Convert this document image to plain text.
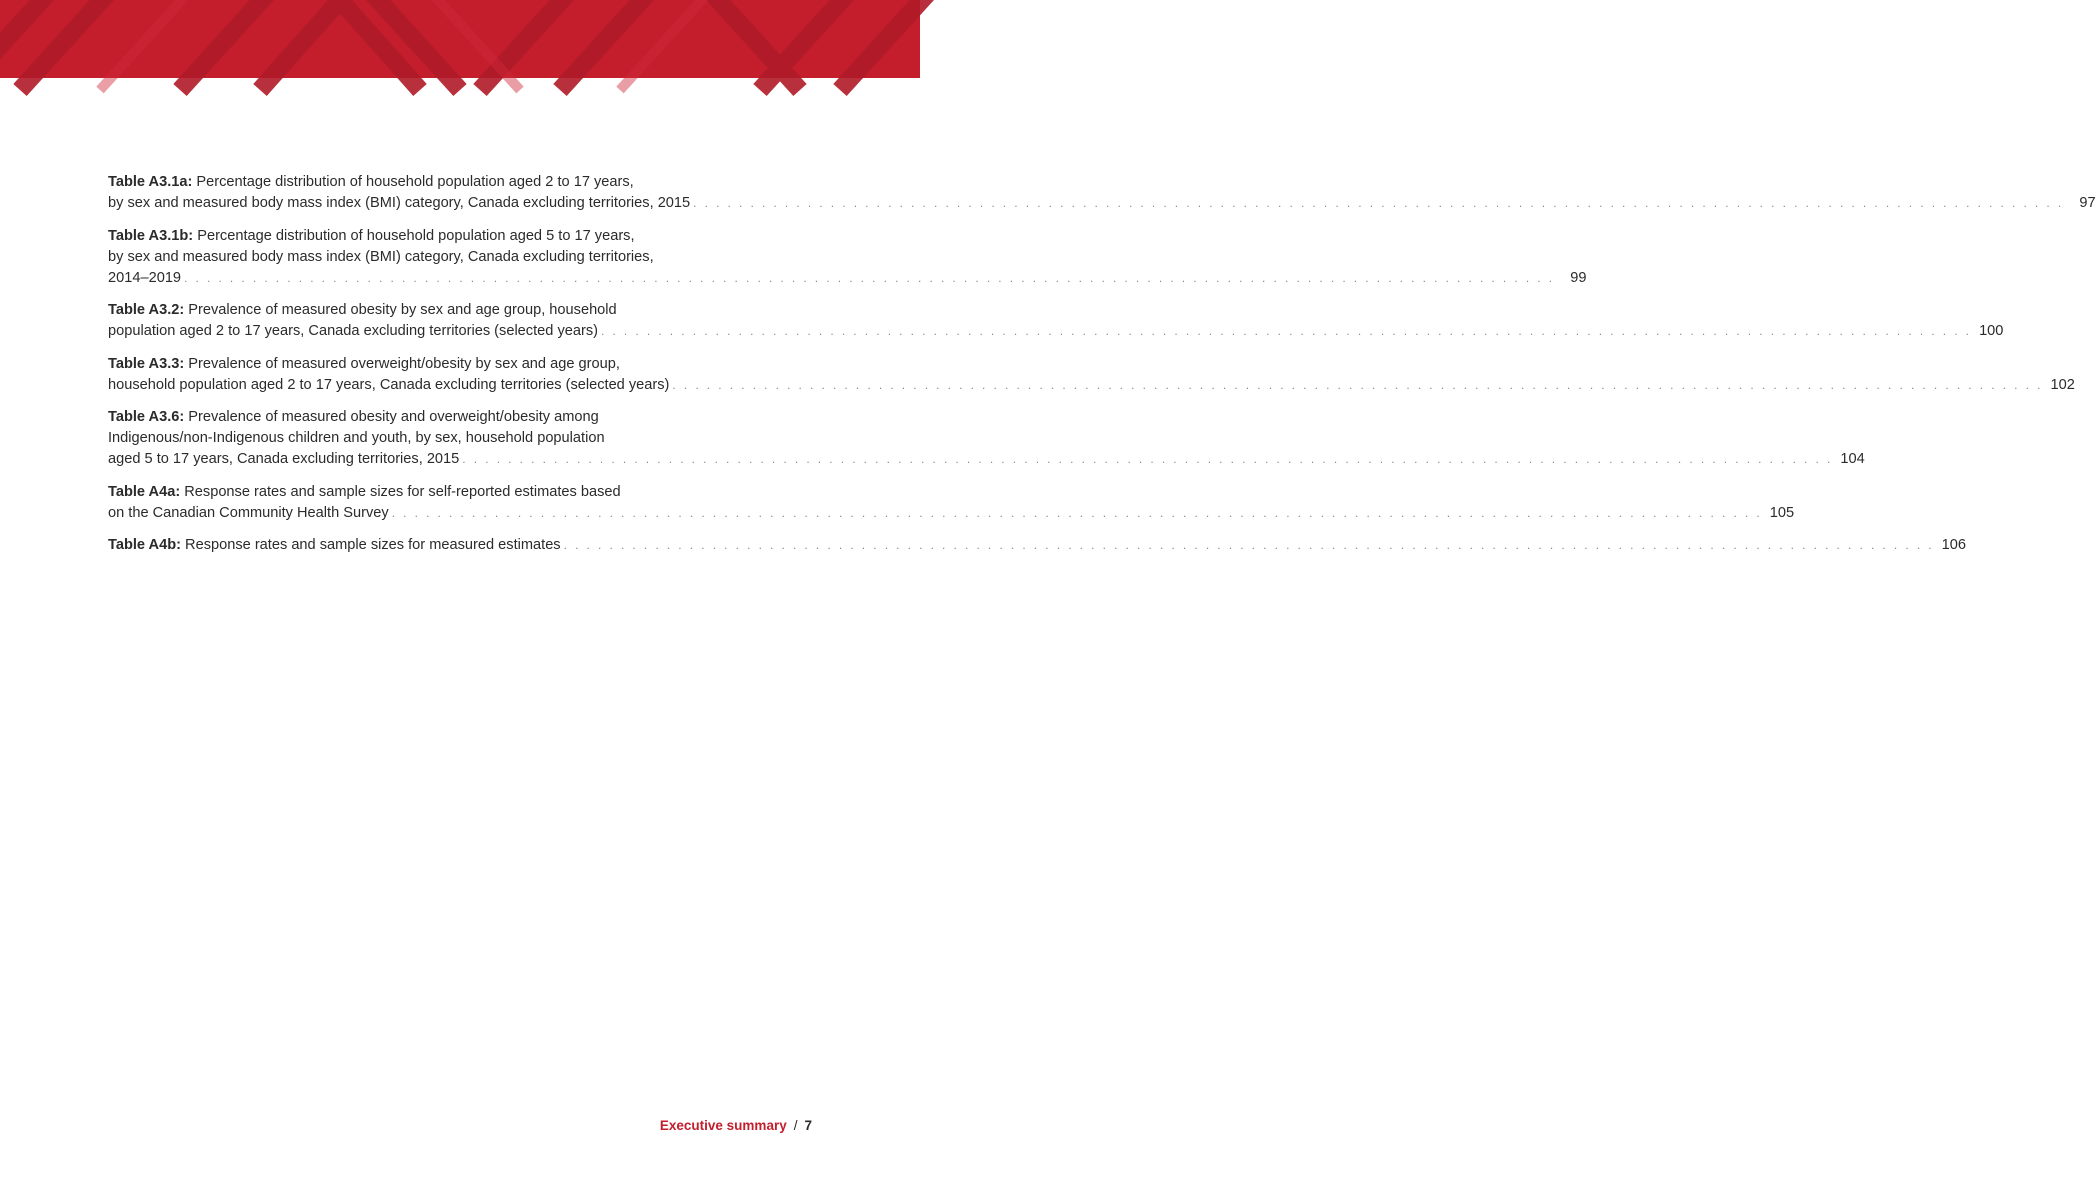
Table A3.1a: Percentage distribution of household population aged 2 to 17 years,
by sex and measured body mass index (BMI) category, Canada excluding territories, 2015 . . . . . . . . . . . . . . . . . . . . . . . . . . . . . . . . . . . . . . . . . . . . . . . . . . . . . . . . . . . . . . . . . . . . . . . . . . . . . . . . . . . . . . . . . . . . . . . . . . . . . . . . . . . . . . . . . . . . . . . .	97
Table A3.1b: Percentage distribution of household population aged 5 to 17 years,
by sex and measured body mass index (BMI) category, Canada excluding territories,
2014–2019 . . . . . . . . . . . . . . . . . . . . . . . . . . . . . . . . . . . . . . . . . . . . . . . . . . . . . . . . . . . . . . . . . . . . . . . . . . . . . . . . . . . . . . . . . . . . . . . . . . . . . . . . . . . . . . . . . . . . . . . .	99
Table A3.2: Prevalence of measured obesity by sex and age group, household
population aged 2 to 17 years, Canada excluding territories (selected years) . . . . . . . . . . . . . . . . . . . . . . . . . . . . . . . . . . . . . . . . . . . . . . . . . . . . . . . . . . . . . . . . . . . . . . . . . . . . . . . . . . . . . . . . . . . . . . . . . . . . . . . . . . . . . . . . . . . . . . . . 100
Table A3.3: Prevalence of measured overweight/obesity by sex and age group,
household population aged 2 to 17 years, Canada excluding territories (selected years) . . . . . . . . . . . . . . . . . . . . . . . . . . . . . . . . . . . . . . . . . . . . . . . . . . . . . . . . . . . . . . . . . . . . . . . . . . . . . . . . . . . . . . . . . . . . . . . . . . . . . . . . . . . . . . . . . . . . . . . . 102
Table A3.6: Prevalence of measured obesity and overweight/obesity among
Indigenous/non-Indigenous children and youth, by sex, household population
aged 5 to 17 years, Canada excluding territories, 2015 . . . . . . . . . . . . . . . . . . . . . . . . . . . . . . . . . . . . . . . . . . . . . . . . . . . . . . . . . . . . . . . . . . . . . . . . . . . . . . . . . . . . . . . . . . . . . . . . . . . . . . . . . . . . . . . . . . . . . . . . 104
Table A4a: Response rates and sample sizes for self-reported estimates based
on the Canadian Community Health Survey . . . . . . . . . . . . . . . . . . . . . . . . . . . . . . . . . . . . . . . . . . . . . . . . . . . . . . . . . . . . . . . . . . . . . . . . . . . . . . . . . . . . . . . . . . . . . . . . . . . . . . . . . . . . . . . . . . . . . . . . 105
Table A4b: Response rates and sample sizes for measured estimates . . . . . . . . . . . . . . . . . . . . . . . . . . . . . . . . . . . . . . . . . . . . . . . . . . . . . . . . . . . . . . . . . . . . . . . . . . . . . . . . . . . . . . . . . . . . . . . . . . . . . . . . . . . . . . . . . . . . . . . . 106
Executive summary / 7
